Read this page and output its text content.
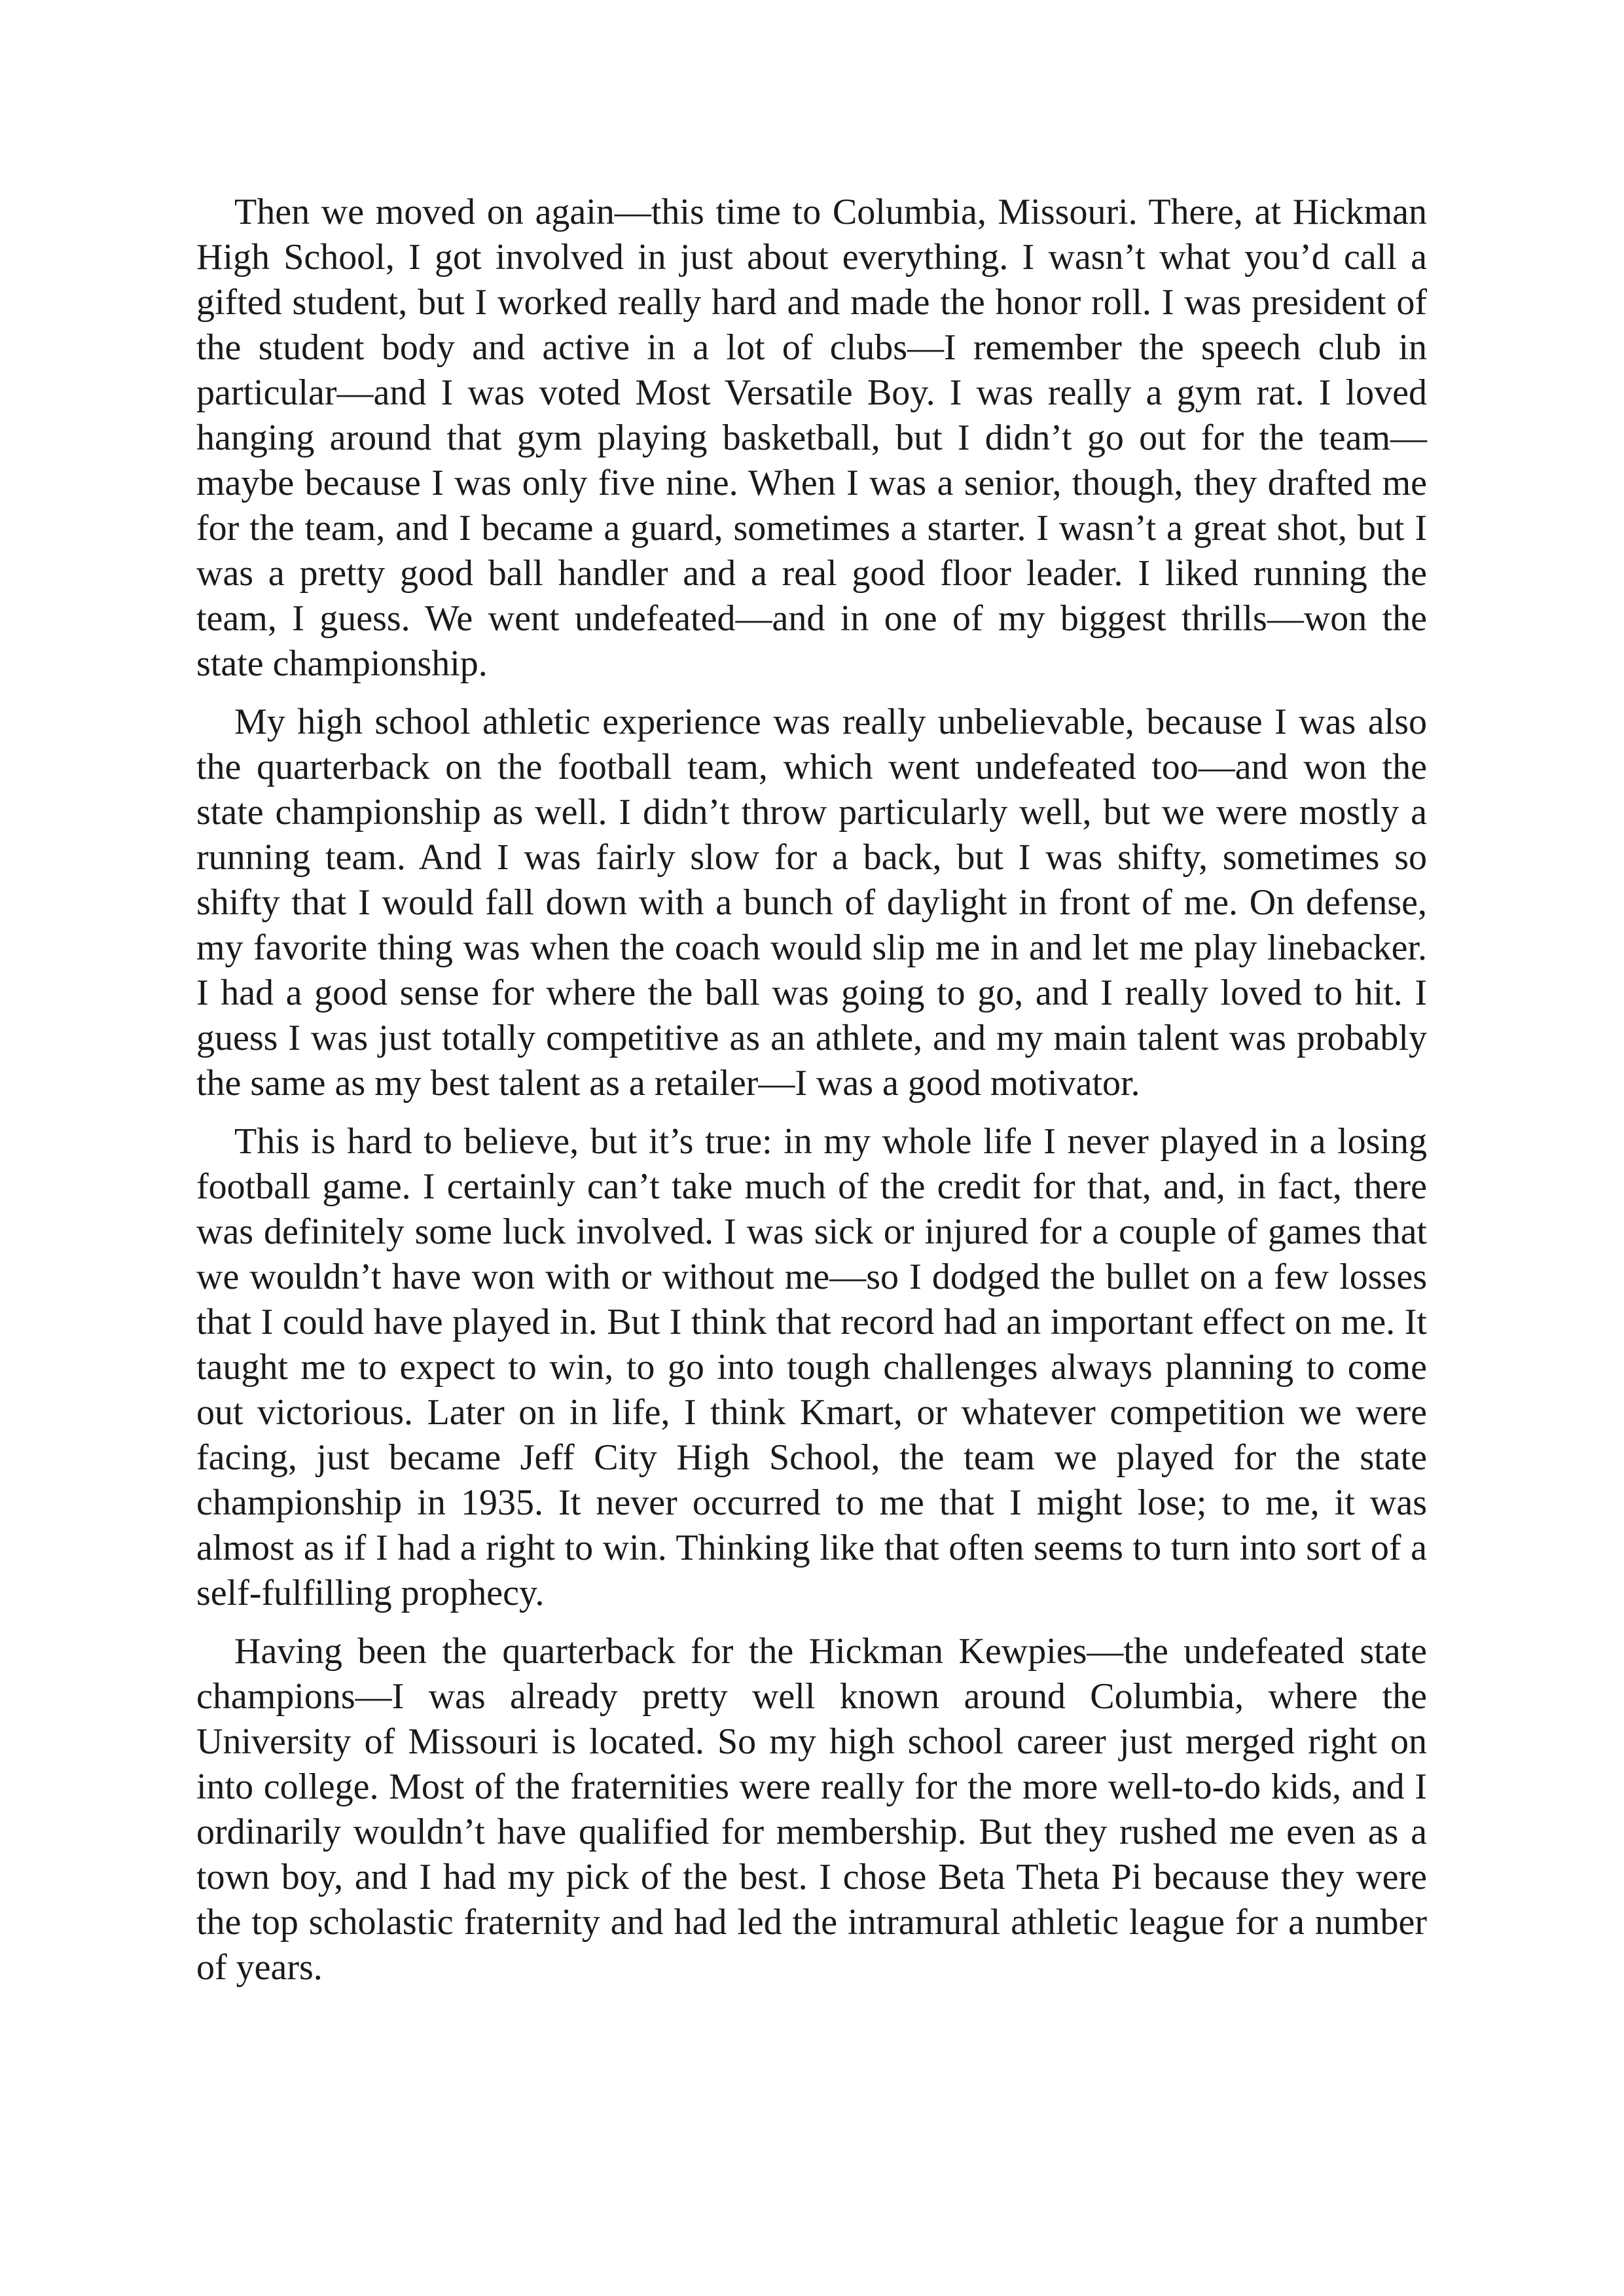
Then we moved on again—this time to Columbia, Missouri. There, at Hickman High School, I got involved in just about everything. I wasn’t what you’d call a gifted student, but I worked really hard and made the honor roll. I was president of the student body and active in a lot of clubs—I remember the speech club in particular—and I was voted Most Versatile Boy. I was really a gym rat. I loved hanging around that gym playing basketball, but I didn’t go out for the team—maybe because I was only five nine. When I was a senior, though, they drafted me for the team, and I became a guard, sometimes a starter. I wasn’t a great shot, but I was a pretty good ball handler and a real good floor leader. I liked running the team, I guess. We went undefeated—and in one of my biggest thrills—won the state championship.

My high school athletic experience was really unbelievable, because I was also the quarterback on the football team, which went undefeated too—and won the state championship as well. I didn’t throw particularly well, but we were mostly a running team. And I was fairly slow for a back, but I was shifty, sometimes so shifty that I would fall down with a bunch of daylight in front of me. On defense, my favorite thing was when the coach would slip me in and let me play linebacker. I had a good sense for where the ball was going to go, and I really loved to hit. I guess I was just totally competitive as an athlete, and my main talent was probably the same as my best talent as a retailer—I was a good motivator.

This is hard to believe, but it’s true: in my whole life I never played in a losing football game. I certainly can’t take much of the credit for that, and, in fact, there was definitely some luck involved. I was sick or injured for a couple of games that we wouldn’t have won with or without me—so I dodged the bullet on a few losses that I could have played in. But I think that record had an important effect on me. It taught me to expect to win, to go into tough challenges always planning to come out victorious. Later on in life, I think Kmart, or whatever competition we were facing, just became Jeff City High School, the team we played for the state championship in 1935. It never occurred to me that I might lose; to me, it was almost as if I had a right to win. Thinking like that often seems to turn into sort of a self-fulfilling prophecy.

Having been the quarterback for the Hickman Kewpies—the undefeated state champions—I was already pretty well known around Columbia, where the University of Missouri is located. So my high school career just merged right on into college. Most of the fraternities were really for the more well-to-do kids, and I ordinarily wouldn’t have qualified for membership. But they rushed me even as a town boy, and I had my pick of the best. I chose Beta Theta Pi because they were the top scholastic fraternity and had led the intramural athletic league for a number of years.
